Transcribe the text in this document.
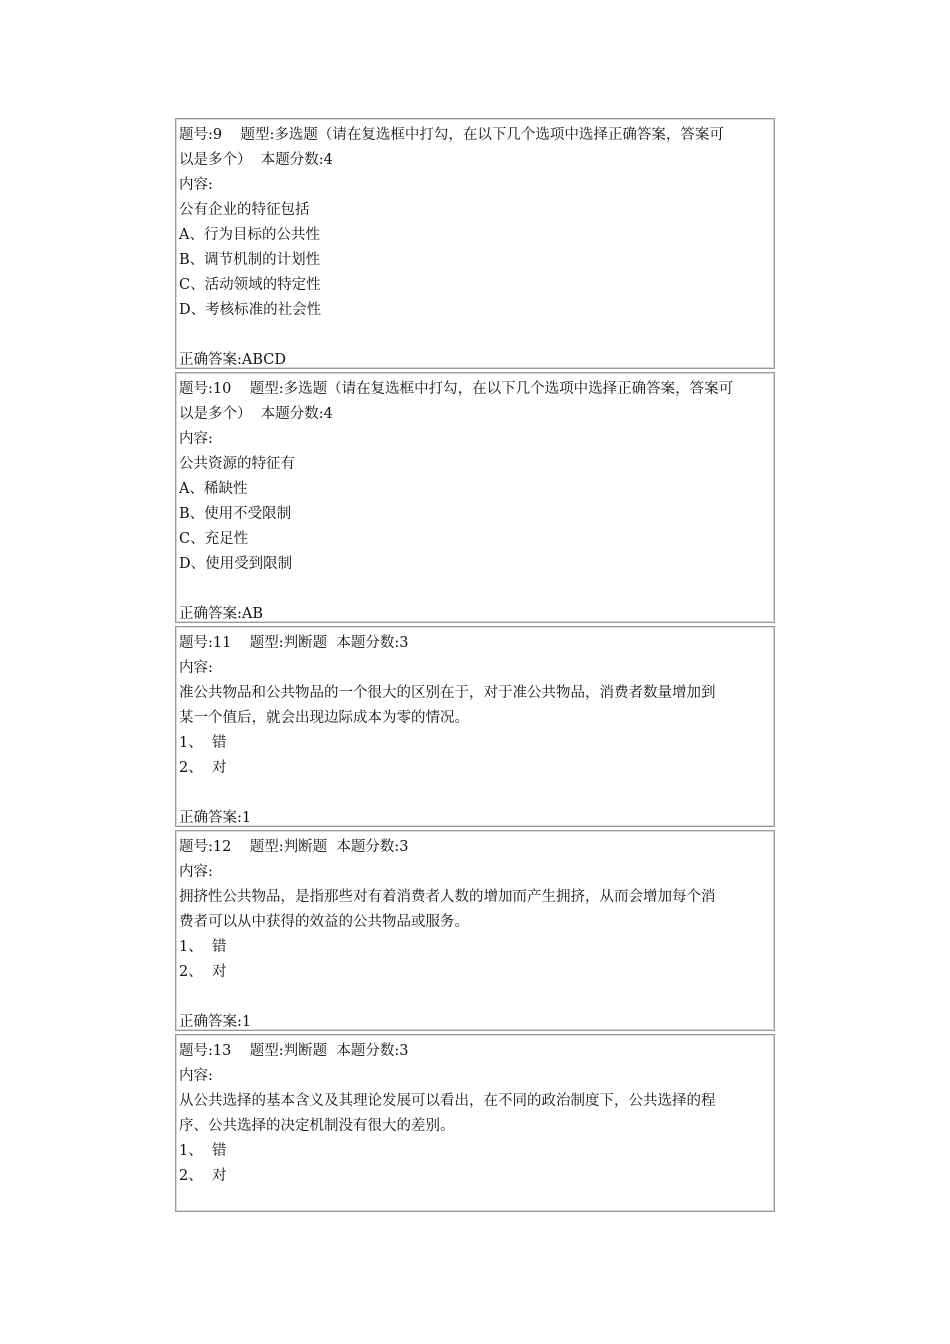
题号:9    题型:多选题（请在复选框中打勾，在以下几个选项中选择正确答案，答案可

以是多个）  本题分数:4

内容:

公有企业的特征包括

A、行为目标的公共性

B、调节机制的计划性

C、活动领域的特定性

D、考核标准的社会性

正确答案:ABCD

题号:10    题型:多选题（请在复选框中打勾，在以下几个选项中选择正确答案，答案可

以是多个）  本题分数:4

内容:

公共资源的特征有

A、稀缺性

B、使用不受限制

C、充足性

D、使用受到限制

正确答案:AB

题号:11    题型:判断题  本题分数:3

内容:

准公共物品和公共物品的一个很大的区别在于，对于准公共物品，消费者数量增加到

某一个值后，就会出现边际成本为零的情况。

1、  错

2、  对

正确答案:1

题号:12    题型:判断题  本题分数:3

内容:

拥挤性公共物品，是指那些对有着消费者人数的增加而产生拥挤，从而会增加每个消

费者可以从中获得的效益的公共物品或服务。

1、  错

2、  对

正确答案:1

题号:13    题型:判断题  本题分数:3

内容:

从公共选择的基本含义及其理论发展可以看出，在不同的政治制度下，公共选择的程

序、公共选择的决定机制没有很大的差别。

1、  错

2、  对
